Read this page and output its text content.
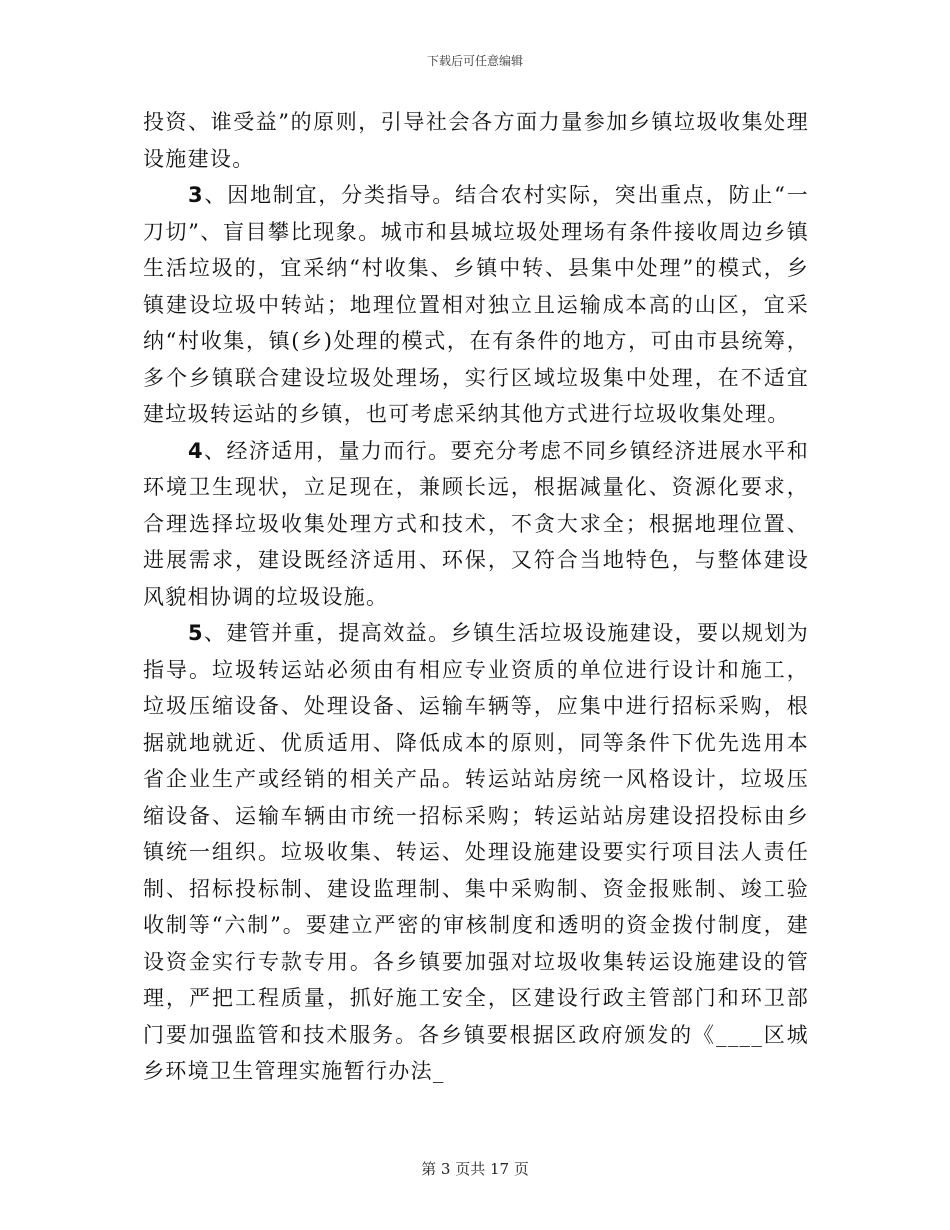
下载后可任意编辑

投资、谁受益”的原则，引导社会各方面力量参加乡镇垃圾收集处理设施建设。

3、因地制宜，分类指导。结合农村实际，突出重点，防止“一刀切”、盲目攀比现象。城市和县城垃圾处理场有条件接收周边乡镇生活垃圾的，宜采纳“村收集、乡镇中转、县集中处理”的模式，乡镇建设垃圾中转站；地理位置相对独立且运输成本高的山区，宜采纳“村收集，镇(乡)处理的模式，在有条件的地方，可由市县统筹，多个乡镇联合建设垃圾处理场，实行区域垃圾集中处理，在不适宜建垃圾转运站的乡镇，也可考虑采纳其他方式进行垃圾收集处理。

4、经济适用，量力而行。要充分考虑不同乡镇经济进展水平和环境卫生现状，立足现在，兼顾长远，根据减量化、资源化要求，合理选择垃圾收集处理方式和技术，不贪大求全；根据地理位置、进展需求，建设既经济适用、环保，又符合当地特色，与整体建设风貌相协调的垃圾设施。

5、建管并重，提高效益。乡镇生活垃圾设施建设，要以规划为指导。垃圾转运站必须由有相应专业资质的单位进行设计和施工，垃圾压缩设备、处理设备、运输车辆等，应集中进行招标采购，根据就地就近、优质适用、降低成本的原则，同等条件下优先选用本省企业生产或经销的相关产品。转运站站房统一风格设计，垃圾压缩设备、运输车辆由市统一招标采购；转运站站房建设招投标由乡镇统一组织。垃圾收集、转运、处理设施建设要实行项目法人责任制、招标投标制、建设监理制、集中采购制、资金报账制、竣工验收制等“六制”。要建立严密的审核制度和透明的资金拨付制度，建设资金实行专款专用。各乡镇要加强对垃圾收集转运设施建设的管理，严把工程质量，抓好施工安全，区建设行政主管部门和环卫部门要加强监管和技术服务。各乡镇要根据区政府颁发的《____区城乡环境卫生管理实施暂行办法_

第 3 页共 17 页
